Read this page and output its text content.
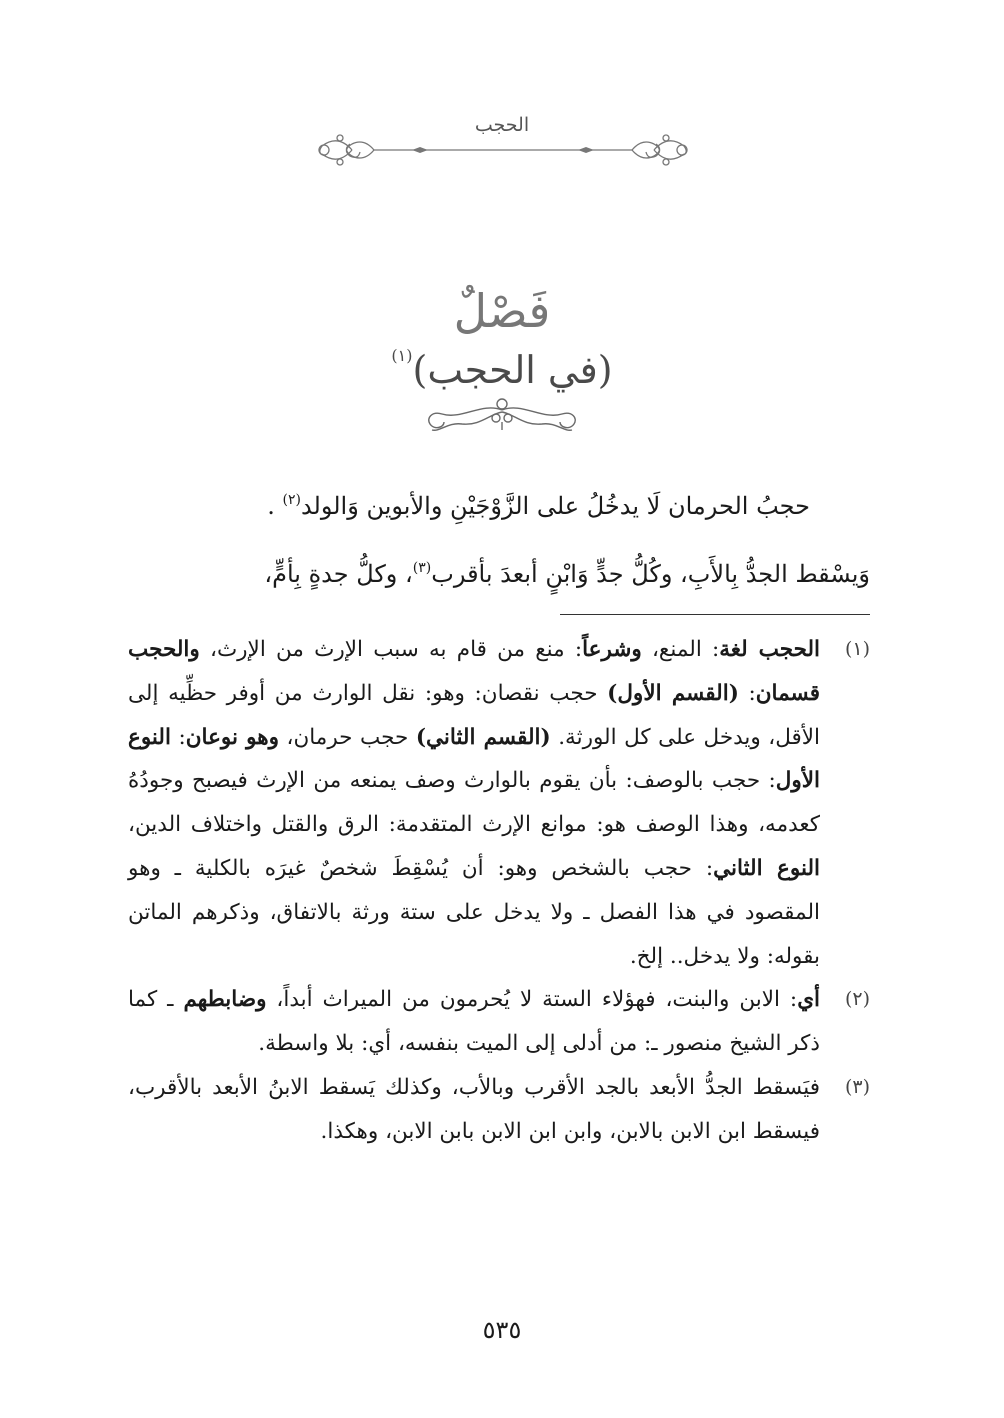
الحجب
فَصْلٌ
(في الحجب)$^{(١)}$
حجبُ الحرمان لَا يدخُلُ على الزَّوْجَيْنِ والأبوين وَالولد$^{(٢)}$ .
وَيسْقط الجدُّ بِالأَبِ، وكُلُّ جدٍّ وَابْنٍ أبعدَ بأقرب$^{(٣)}$، وكلُّ جدةٍ بِأمٍّ،

(١)
الحجب لغة: المنع، وشرعاً: منع من قام به سبب الإرث من الإرث، والحجب قسمان: (القسم الأول) حجب نقصان: وهو: نقل الوارث من أوفر حظِّيه إلى الأقل، ويدخل على كل الورثة. (القسم الثاني) حجب حرمان، وهو نوعان: النوع الأول: حجب بالوصف: بأن يقوم بالوارث وصف يمنعه من الإرث فيصبح وجودُهُ كعدمه، وهذا الوصف هو: موانع الإرث المتقدمة: الرق والقتل واختلاف الدين، النوع الثاني: حجب بالشخص وهو: أن يُسْقِطَ شخصٌ غيرَه بالكلية ـ وهو المقصود في هذا الفصل ـ ولا يدخل على ستة ورثة بالاتفاق، وذكرهم الماتن بقوله: ولا يدخل.. إلخ.

(٢)
أي: الابن والبنت، فهؤلاء الستة لا يُحرمون من الميراث أبداً، وضابطهم ـ كما ذكر الشيخ منصور ـ: من أدلى إلى الميت بنفسه، أي: بلا واسطة.

(٣)
فيَسقط الجدُّ الأبعد بالجد الأقرب وبالأب، وكذلك يَسقط الابنُ الأبعد بالأقرب، فيسقط ابن الابن بالابن، وابن ابن الابن بابن الابن، وهكذا.

٥٣٥
